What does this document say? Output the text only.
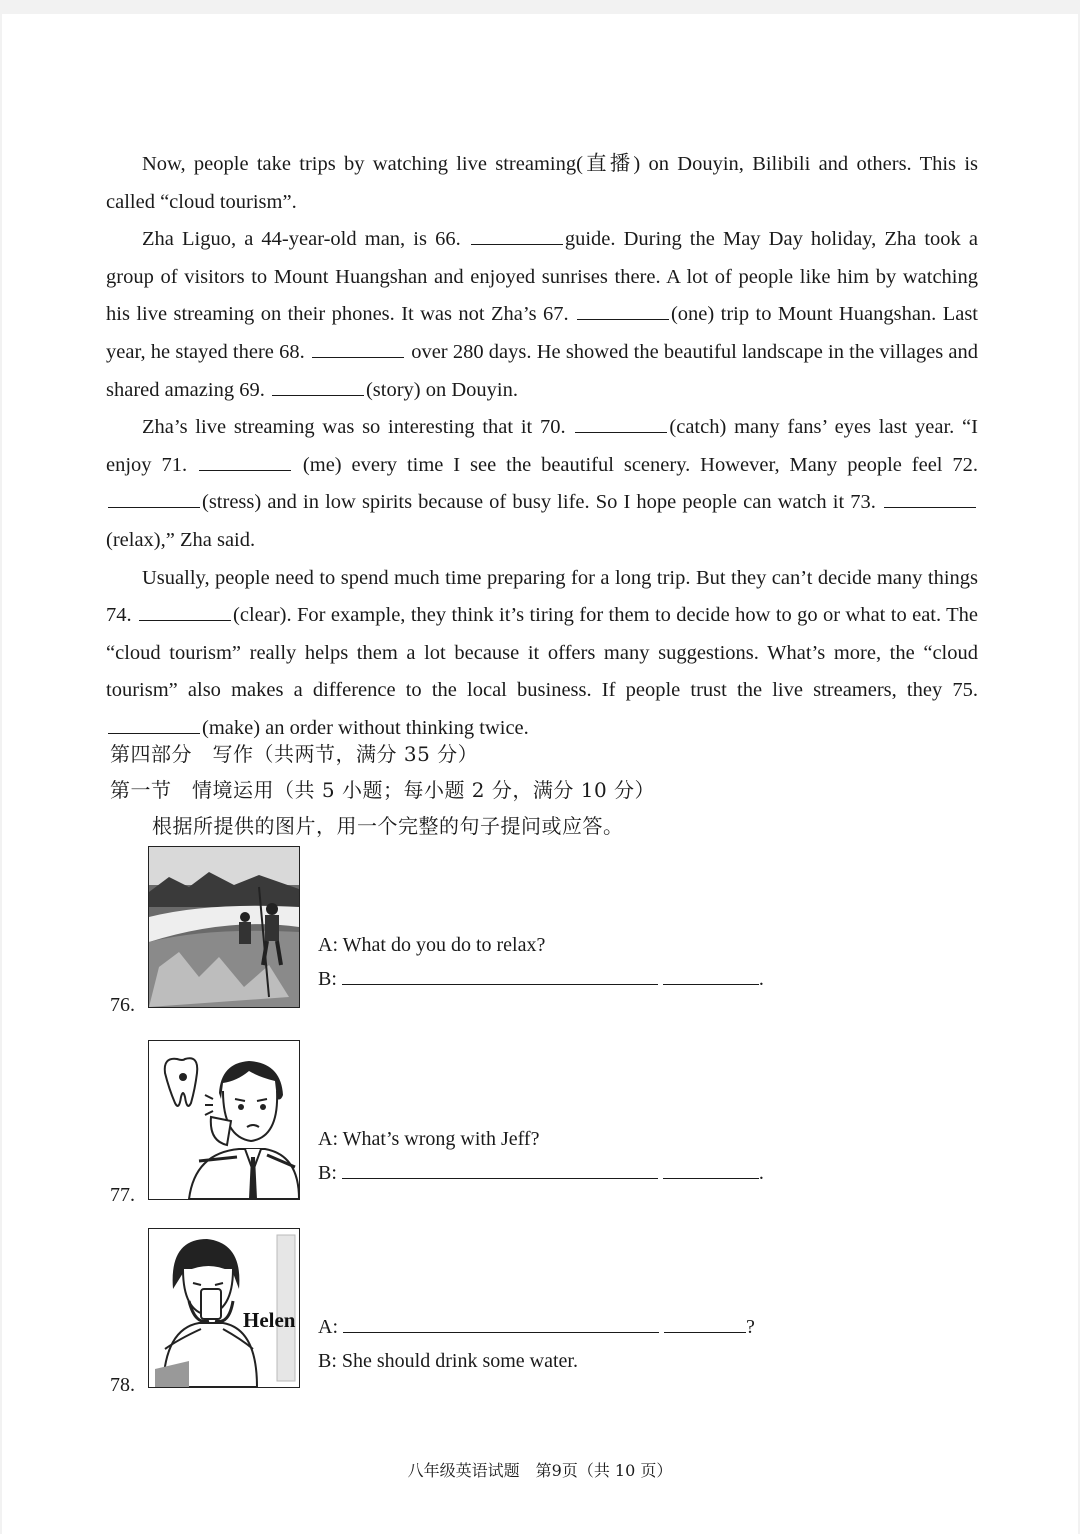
Now, people take trips by watching live streaming(直播) on Douyin, Bilibili and others. This is called “cloud tourism”.

Zha Liguo, a 44-year-old man, is 66.	guide. During the May Day holiday, Zha took a group of visitors to Mount Huangshan and enjoyed sunrises there. A lot of people like him by watching his live streaming on their phones. It was not Zha’s 67.	(one) trip to Mount Huangshan. Last year, he stayed there 68.	over 280 days. He showed the beautiful landscape in the villages and shared amazing 69.	(story) on Douyin.

Zha’s live streaming was so interesting that it 70.	(catch) many fans’ eyes last year. “I enjoy 71.	(me) every time I see the beautiful scenery. However, Many people feel 72. (stress) and in low spirits because of busy life. So I hope people can watch it 73. (relax),” Zha said.

Usually, people need to spend much time preparing for a long trip. But they can’t decide many things 74.	(clear). For example, they think it’s tiring for them to decide how to go or what to eat. The “cloud tourism” really helps them a lot because it offers many suggestions. What’s more, the “cloud tourism” also makes a difference to the local business. If people trust the live streamers, they 75. (make) an order without thinking twice.

第四部分　写作（共两节，满分 35 分）
第一节　情境运用（共 5 小题；每小题 2 分，满分 10 分）
根据所提供的图片，用一个完整的句子提问或应答。
A: What do you do to relax?
B:	.
76.
A: What’s wrong with Jeff?
B:	.
77.
Helen A:	?
B: She should drink some water.
78.
八年级英语试题　第9页（共 10 页）
